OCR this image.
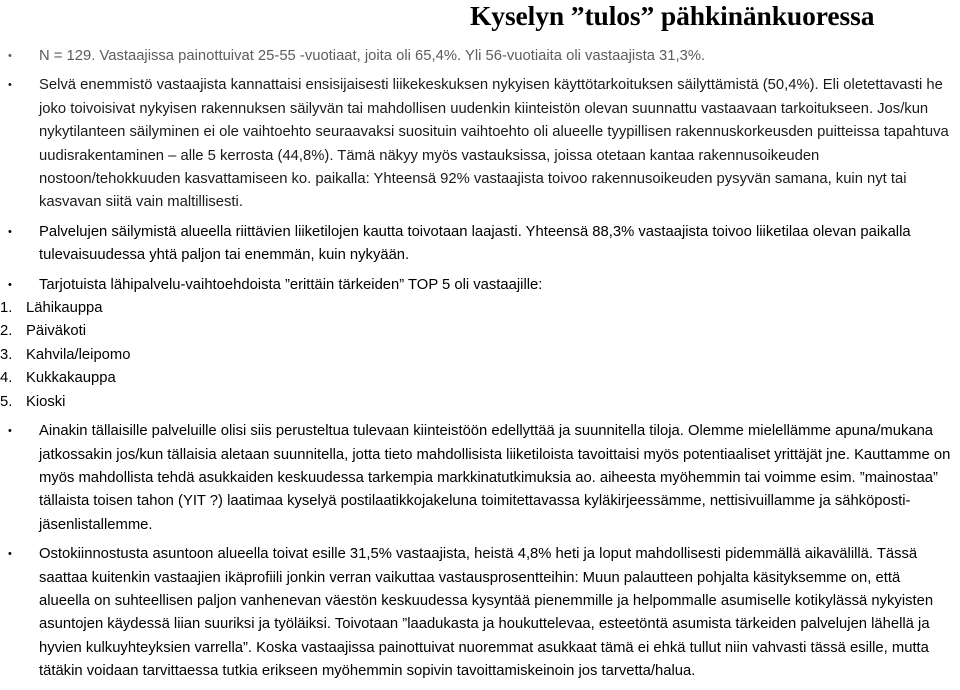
Kyselyn ”tulos” pähkinänkuoressa
• N = 129. Vastaajissa painottuivat 25-55 -vuotiaat, joita oli 65,4%. Yli 56-vuotiaita oli vastaajista 31,3%.
• Selvä enemmistö vastaajista kannattaisi ensisijaisesti liikekeskuksen nykyisen käyttötarkoituksen säilyttämistä (50,4%). Eli oletettavasti he joko toivoisivat nykyisen rakennuksen säilyvän tai mahdollisen uudenkin kiinteistön olevan suunnattu vastaavaan tarkoitukseen. Jos/kun nykytilanteen säilyminen ei ole vaihtoehto seuraavaksi suosituin vaihtoehto oli alueelle tyypillisen rakennuskorkeusden puitteissa tapahtuva uudisrakentaminen – alle 5 kerrosta (44,8%). Tämä näkyy myös vastauksissa, joissa otetaan kantaa rakennusoikeuden nostoon/tehokkuuden kasvattamiseen ko. paikalla: Yhteensä 92% vastaajista toivoo rakennusoikeuden pysyvän samana, kuin nyt tai kasvavan siitä vain maltillisesti.
• Palvelujen säilymistä alueella riittävien liiketilojen kautta toivotaan laajasti. Yhteensä 88,3% vastaajista toivoo liiketilaa olevan paikalla tulevaisuudessa yhtä paljon tai enemmän, kuin nykyään.
• Tarjotuista lähipalvelu-vaihtoehdoista ”erittäin tärkeiden” TOP 5 oli vastaajille:
1. Lähikauppa
2. Päiväkoti
3. Kahvila/leipomo
4. Kukkakauppa
5. Kioski
• Ainakin tällaisille palveluille olisi siis perusteltua tulevaan kiinteistöön edellyttää ja suunnitella tiloja. Olemme mielellämme apuna/mukana jatkossakin jos/kun tällaisia aletaan suunnitella, jotta tieto mahdollisista liiketiloista tavoittaisi myös potentiaaliset yrittäjät jne. Kauttamme on myös mahdollista tehdä asukkaiden keskuudessa tarkempia markkinatutkimuksia ao. aiheesta myöhemmin tai voimme esim. ”mainostaa” tällaista toisen tahon (YIT ?) laatimaa kyselyä postilaatikkojakeluna toimitettavassa kyläkirjeessämme, nettisivuillamme ja sähköposti-jäsenlistallemme.
• Ostokiinnostusta asuntoon alueella toivat esille 31,5% vastaajista, heistä 4,8% heti ja loput mahdollisesti pidemmällä aikavälillä. Tässä saattaa kuitenkin vastaajien ikäprofiili jonkin verran vaikuttaa vastausprosentteihin: Muun palautteen pohjalta käsityksemme on, että alueella on suhteellisen paljon vanhenevan väestön keskuudessa kysyntää pienemmille ja helpommalle asumiselle kotikylässä nykyisten asuntojen käydessä liian suuriksi ja työläiksi. Toivotaan ”laadukasta ja houkuttelevaa, esteetöntä asumista tärkeiden palvelujen lähellä ja hyvien kulkuyhteyksien varrella”. Koska vastaajissa painottuivat nuoremmat asukkaat tämä ei ehkä tullut niin vahvasti tässä esille, mutta tätäkin voidaan tarvittaessa tutkia erikseen myöhemmin sopivin tavoittamiskeinoin jos tarvetta/halua.
